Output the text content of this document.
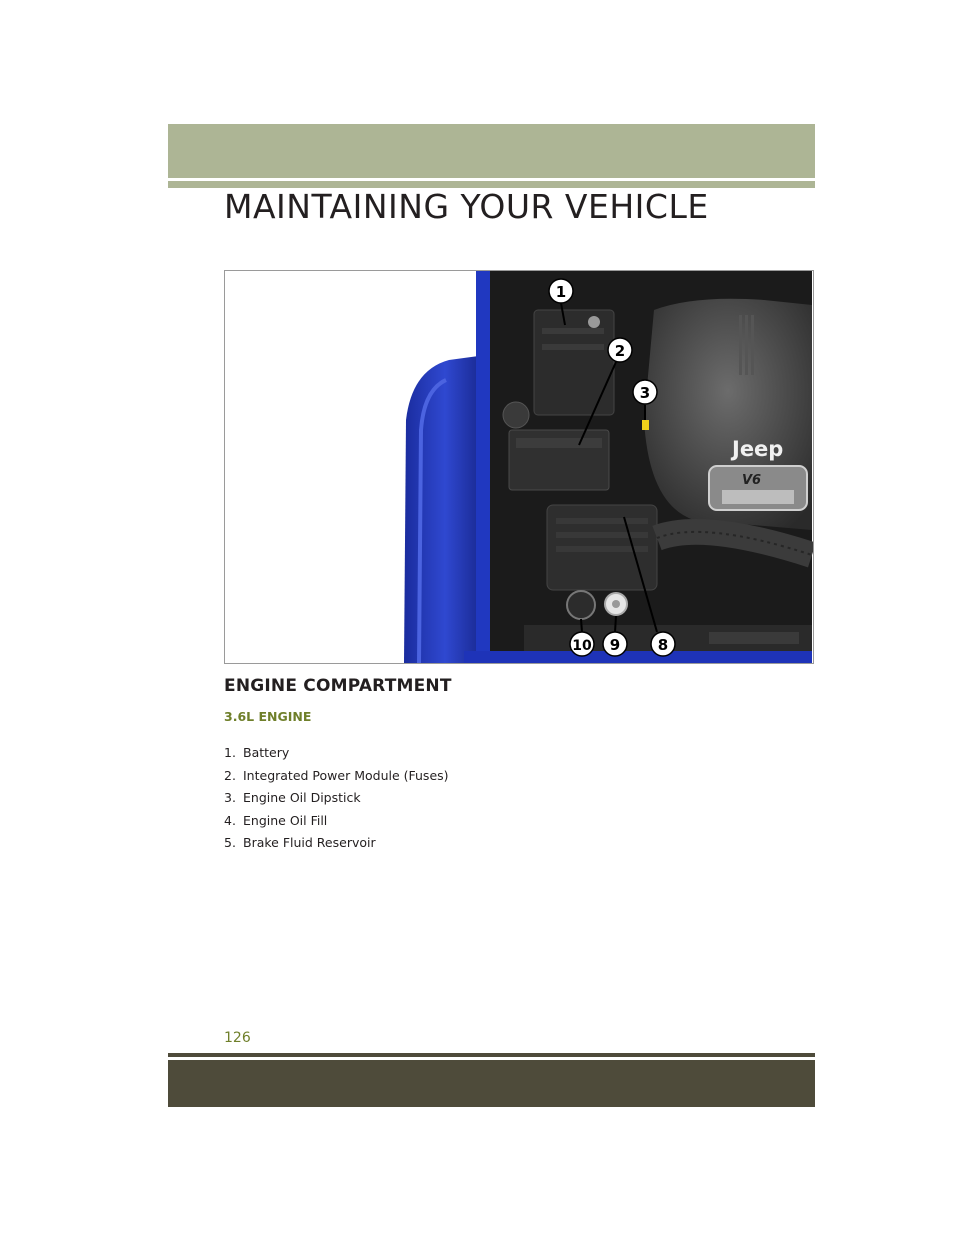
MAINTAINING YOUR VEHICLE
Jeep
V6
1
2
3
10 9	8
ENGINE COMPARTMENT
3.6L ENGINE
1. Battery
2. Integrated Power Module (Fuses)
3. Engine Oil Dipstick
4. Engine Oil Fill
5. Brake Fluid Reservoir
126
